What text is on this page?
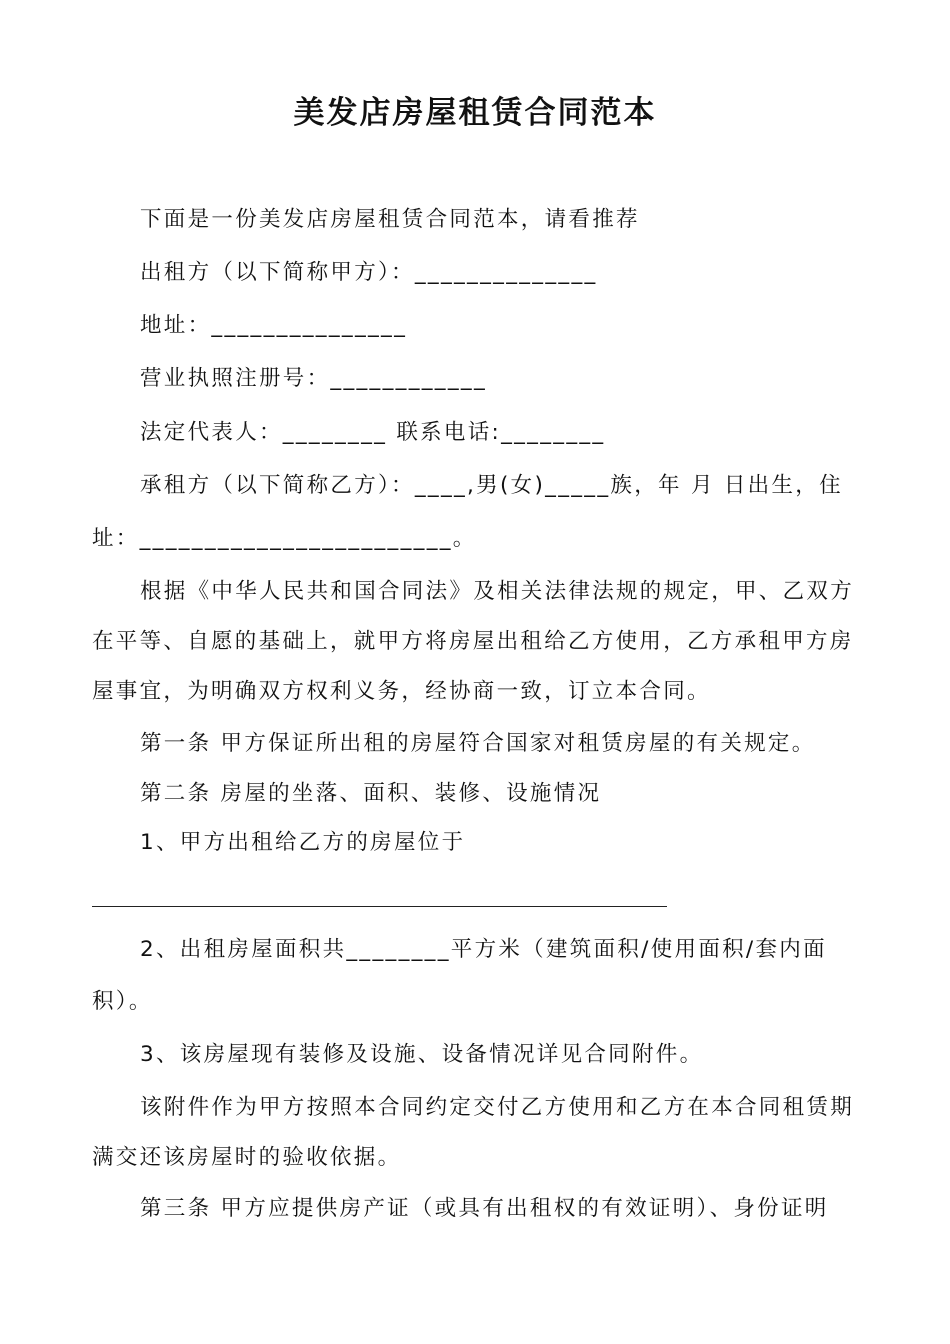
美发店房屋租赁合同范本
下面是一份美发店房屋租赁合同范本，请看推荐
出租方（以下简称甲方）：______________
地址：_______________
营业执照注册号：____________
法定代表人：________ 联系电话:________
承租方（以下简称乙方）：____,男(女)_____族，年 月 日出生，住
址：________________________。
根据《中华人民共和国合同法》及相关法律法规的规定，甲、乙双方
在平等、自愿的基础上，就甲方将房屋出租给乙方使用，乙方承租甲方房
屋事宜，为明确双方权利义务，经协商一致，订立本合同。
第一条 甲方保证所出租的房屋符合国家对租赁房屋的有关规定。
第二条 房屋的坐落、面积、装修、设施情况
1、甲方出租给乙方的房屋位于
2、出租房屋面积共________平方米（建筑面积/使用面积/套内面
积）。
3、该房屋现有装修及设施、设备情况详见合同附件。
该附件作为甲方按照本合同约定交付乙方使用和乙方在本合同租赁期
满交还该房屋时的验收依据。
第三条 甲方应提供房产证（或具有出租权的有效证明）、身份证明
